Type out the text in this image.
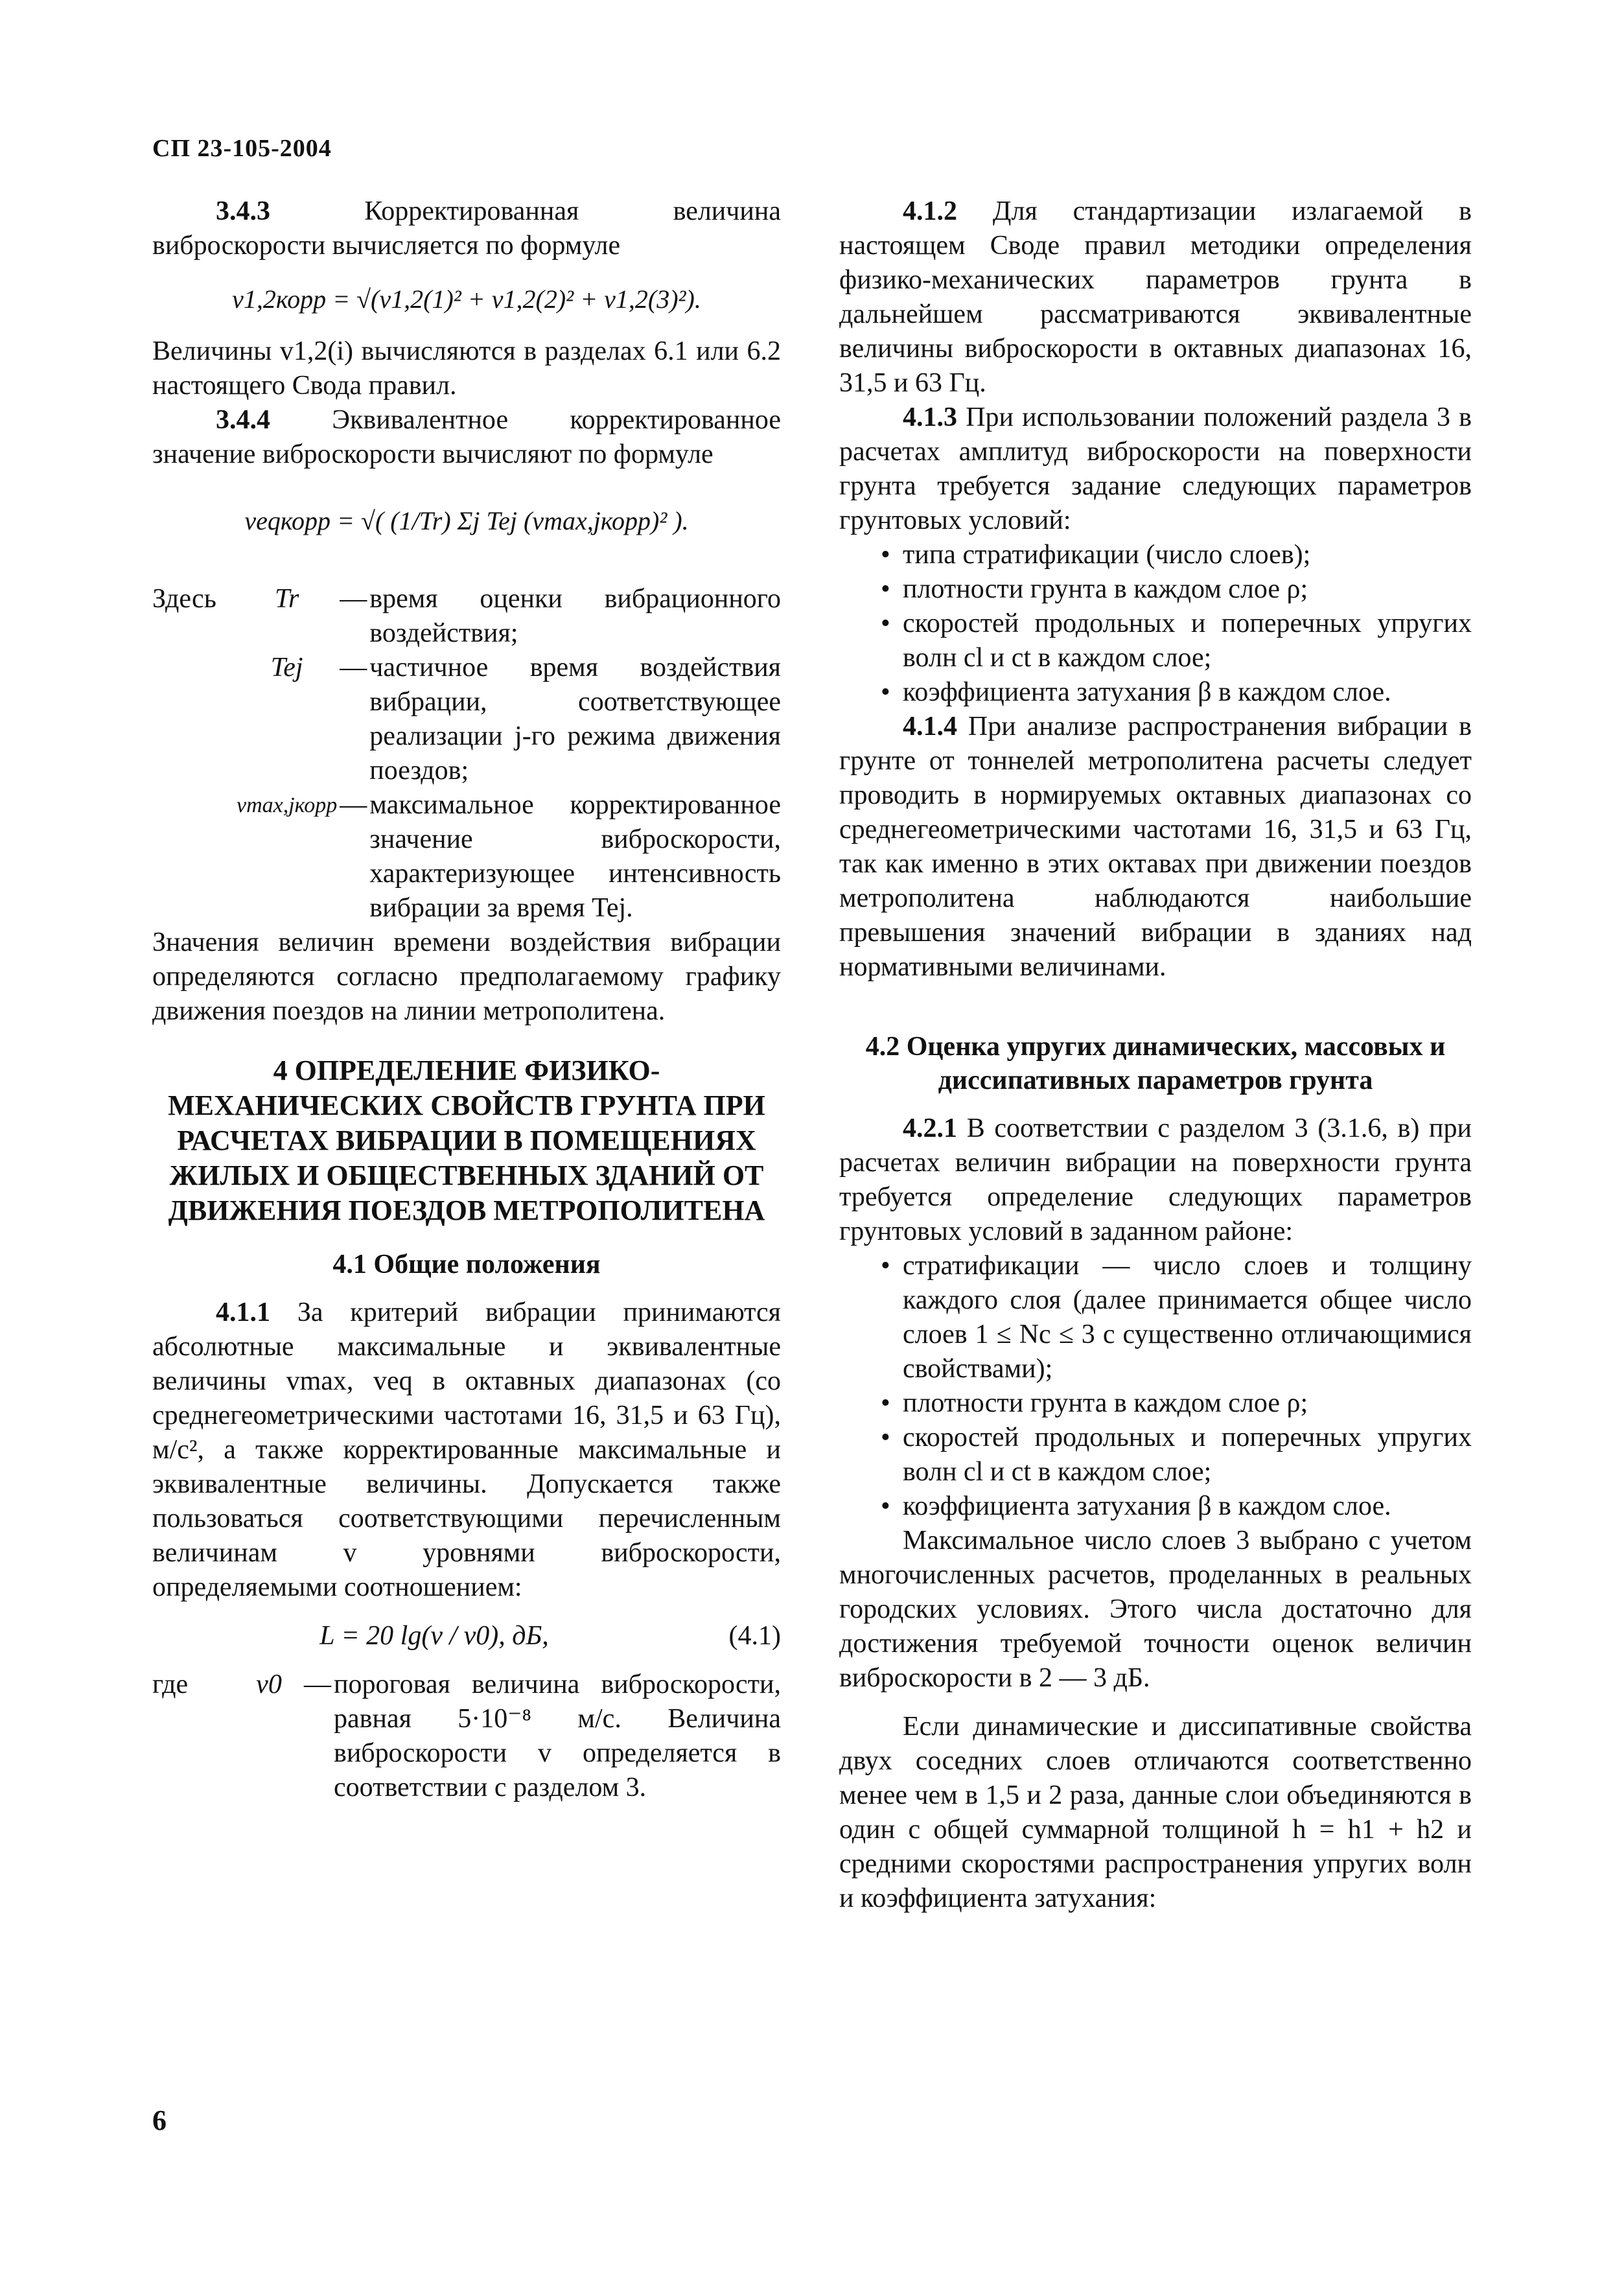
СП 23-105-2004

3.4.3	Корректированная величина виброскорости вычисляется по формуле

v1,2корр = √(v1,2(1)² + v1,2(2)² + v1,2(3)²).

Величины v1,2(i) вычисляются в разделах 6.1 или 6.2 настоящего Свода правил.

3.4.4 Эквивалентное корректированное значение виброскорости вычисляют по формуле

veqкорр = √( (1/Tr) Σj Tej (vmax,jкорр)² ).
Здесь	Tr	—	время оценки вибрационного воздействия;
	Tej	—	частичное время воздействия вибрации, соответствующее реализации j-го режима движения поездов;
	vmax,jкорр	—	максимальное корректированное значение виброскорости, характеризующее интенсивность вибрации за время Tej.

Значения величин времени воздействия вибрации определяются согласно предполагаемому графику движения поездов на линии метрополитена.

4 ОПРЕДЕЛЕНИЕ ФИЗИКО-МЕХАНИЧЕСКИХ СВОЙСТВ ГРУНТА ПРИ РАСЧЕТАХ ВИБРАЦИИ В ПОМЕЩЕНИЯХ ЖИЛЫХ И ОБЩЕСТВЕННЫХ ЗДАНИЙ ОТ ДВИЖЕНИЯ ПОЕЗДОВ МЕТРОПОЛИТЕНА
4.1 Общие положения

4.1.1 За критерий вибрации принимаются абсолютные максимальные и эквивалентные величины vmax, veq в октавных диапазонах (со среднегеометрическими частотами 16, 31,5 и 63 Гц), м/с², а также корректированные максимальные и эквивалентные величины. Допускается также пользоваться соответствующими перечисленным величинам v уровнями виброскорости, определяемыми соотношением:

L = 20 lg(v / v0), дБ,	(4.1)
где	v0	—	пороговая величина виброскорости, равная 5·10⁻⁸ м/с. Величина виброскорости v определяется в соответствии с разделом 3.

4.1.2 Для стандартизации излагаемой в настоящем Своде правил методики определения физико-механических параметров грунта в дальнейшем рассматриваются эквивалентные величины виброскорости в октавных диапазонах 16, 31,5 и 63 Гц.

4.1.3 При использовании положений раздела 3 в расчетах амплитуд виброскорости на поверхности грунта требуется задание следующих параметров грунтовых условий:

• типа стратификации (число слоев);
• плотности грунта в каждом слое ρ;
• скоростей продольных и поперечных упругих волн cl и ct в каждом слое;
• коэффициента затухания β в каждом слое.

4.1.4 При анализе распространения вибрации в грунте от тоннелей метрополитена расчеты следует проводить в нормируемых октавных диапазонах со среднегеометрическими частотами 16, 31,5 и 63 Гц, так как именно в этих октавах при движении поездов метрополитена наблюдаются наибольшие превышения значений вибрации в зданиях над нормативными величинами.

4.2 Оценка упругих динамических, массовых и диссипативных параметров грунта

4.2.1 В соответствии с разделом 3 (3.1.6, в) при расчетах величин вибрации на поверхности грунта требуется определение следующих параметров грунтовых условий в заданном районе:

• стратификации — число слоев и толщину каждого слоя (далее принимается общее число слоев 1 ≤ Nc ≤ 3 с существенно отличающимися свойствами);
• плотности грунта в каждом слое ρ;
• скоростей продольных и поперечных упругих волн cl и ct в каждом слое;
• коэффициента затухания β в каждом слое.

Максимальное число слоев 3 выбрано с учетом многочисленных расчетов, проделанных в реальных городских условиях. Этого числа достаточно для достижения требуемой точности оценок величин виброскорости в 2 — 3 дБ.

Если динамические и диссипативные свойства двух соседних слоев отличаются соответственно менее чем в 1,5 и 2 раза, данные слои объединяются в один с общей суммарной толщиной h = h1 + h2 и средними скоростями распространения упругих волн и коэффициента затухания:

6
